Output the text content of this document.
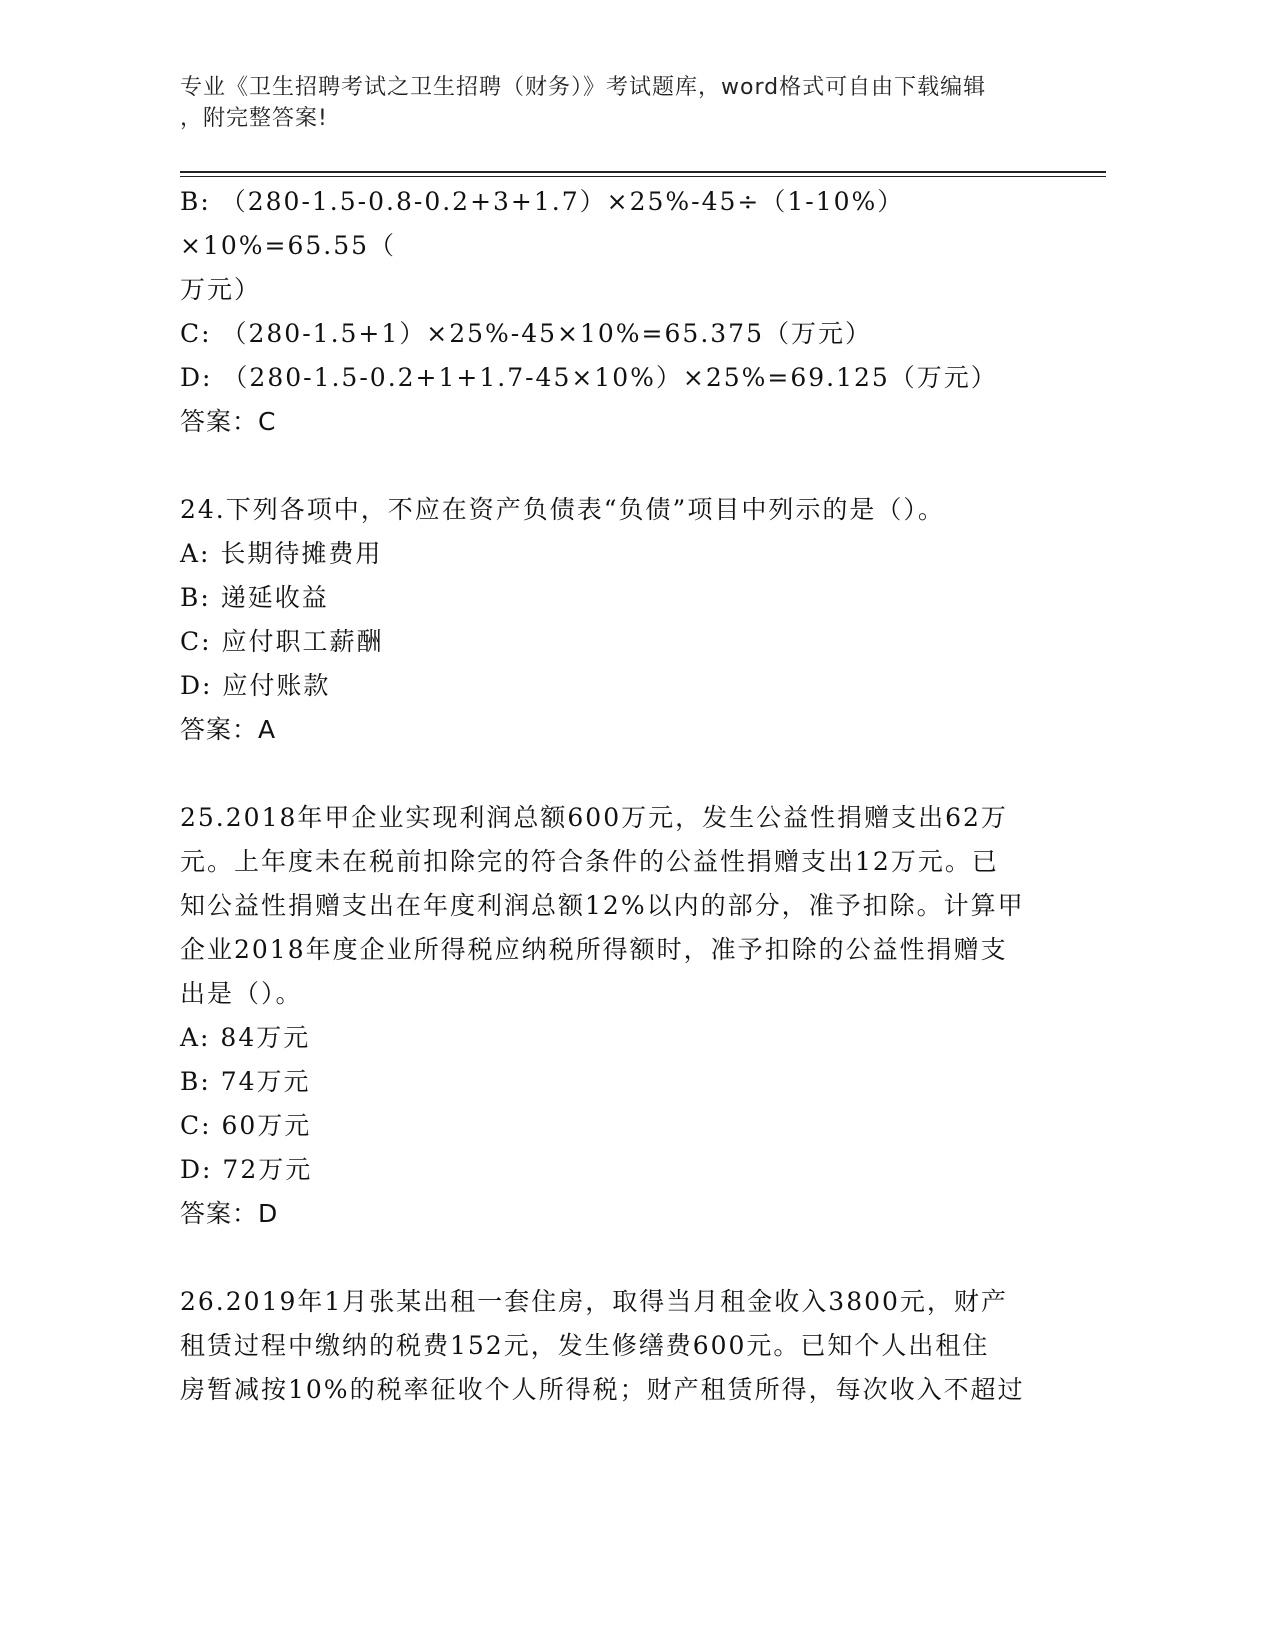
专业《卫生招聘考试之卫生招聘（财务）》考试题库，word格式可自由下载编辑
，附完整答案!

B: （280-1.5-0.8-0.2+3+1.7）×25%-45÷（1-10%）×10%=65.55（

万元）

C: （280-1.5+1）×25%-45×10%=65.375（万元）

D: （280-1.5-0.2+1+1.7-45×10%）×25%=69.125（万元）

答案：C

24.下列各项中，不应在资产负债表“负债”项目中列示的是（）。

A: 长期待摊费用

B: 递延收益

C: 应付职工薪酬

D: 应付账款

答案：A

25.2018年甲企业实现利润总额600万元，发生公益性捐赠支出62万

元。上年度未在税前扣除完的符合条件的公益性捐赠支出12万元。已

知公益性捐赠支出在年度利润总额12%以内的部分，准予扣除。计算甲

企业2018年度企业所得税应纳税所得额时，准予扣除的公益性捐赠支

出是（）。

A: 84万元

B: 74万元

C: 60万元

D: 72万元

答案：D

26.2019年1月张某出租一套住房，取得当月租金收入3800元，财产

租赁过程中缴纳的税费152元，发生修缮费600元。已知个人出租住

房暂减按10%的税率征收个人所得税；财产租赁所得，每次收入不超过
